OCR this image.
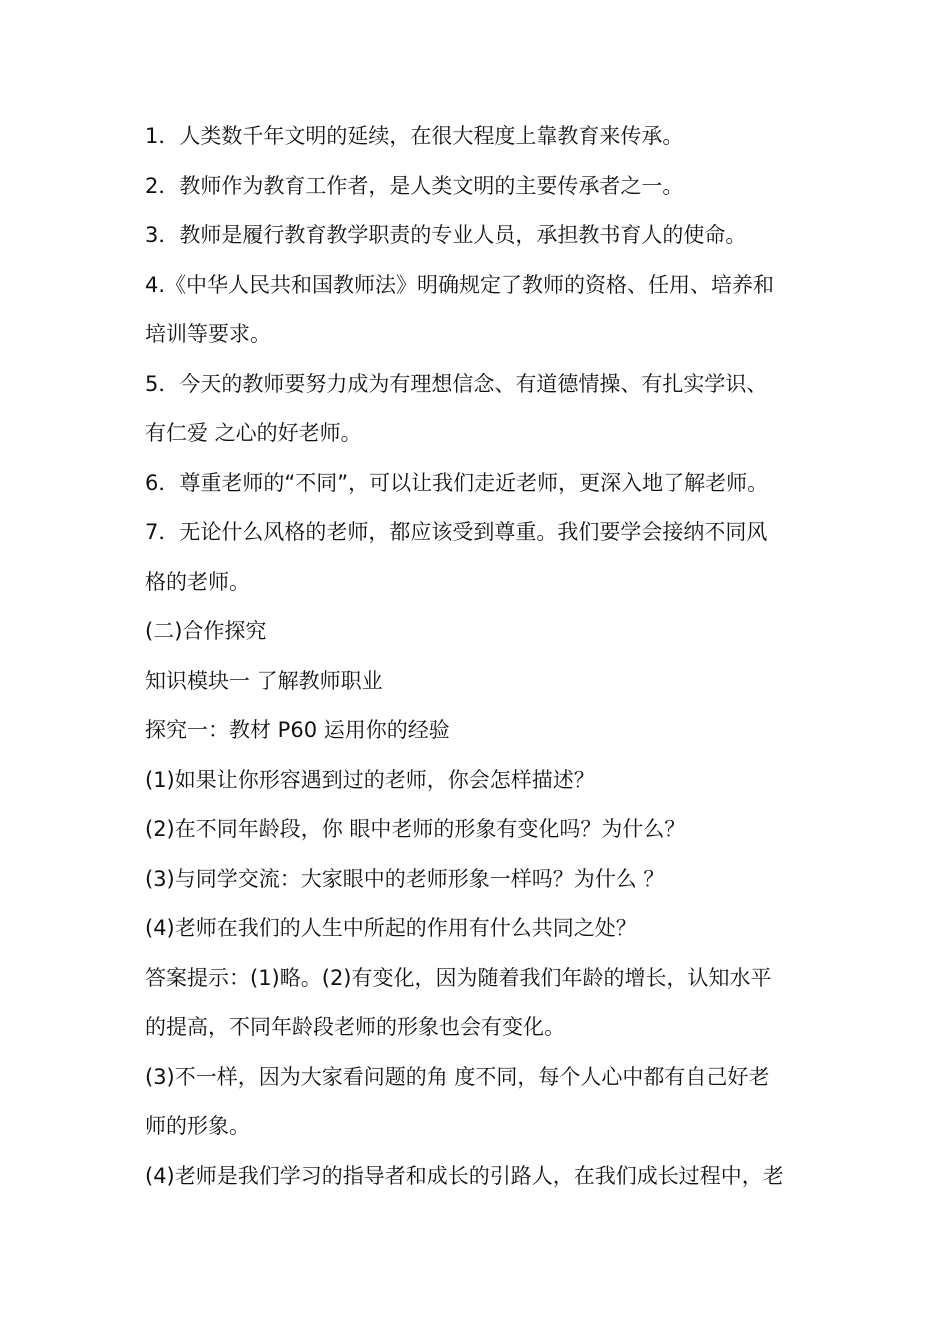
1．人类数千年文明的延续，在很大程度上靠教育来传承。

2．教师作为教育工作者，是人类文明的主要传承者之一。

3．教师是履行教育教学职责的专业人员，承担教书育人的使命。

4.《中华人民共和国教师法》明确规定了教师的资格、任用、培养和

培训等要求。

5．今天的教师要努力成为有理想信念、有道德情操、有扎实学识、

有仁爱 之心的好老师。

6．尊重老师的“不同”，可以让我们走近老师，更深入地了解老师。

7．无论什么风格的老师，都应该受到尊重。我们要学会接纳不同风

格的老师。

(二)合作探究

知识模块一 了解教师职业

探究一：教材 P60 运用你的经验

(1)如果让你形容遇到过的老师，你会怎样描述？

(2)在不同年龄段，你 眼中老师的形象有变化吗？为什么？

(3)与同学交流：大家眼中的老师形象一样吗？为什么 ？

(4)老师在我们的人生中所起的作用有什么共同之处？

答案提示：(1)略。(2)有变化，因为随着我们年龄的增长，认知水平

的提高，不同年龄段老师的形象也会有变化。

(3)不一样，因为大家看问题的角 度不同，每个人心中都有自己好老

师的形象。

(4)老师是我们学习的指导者和成长的引路人，在我们成长过程中，老
